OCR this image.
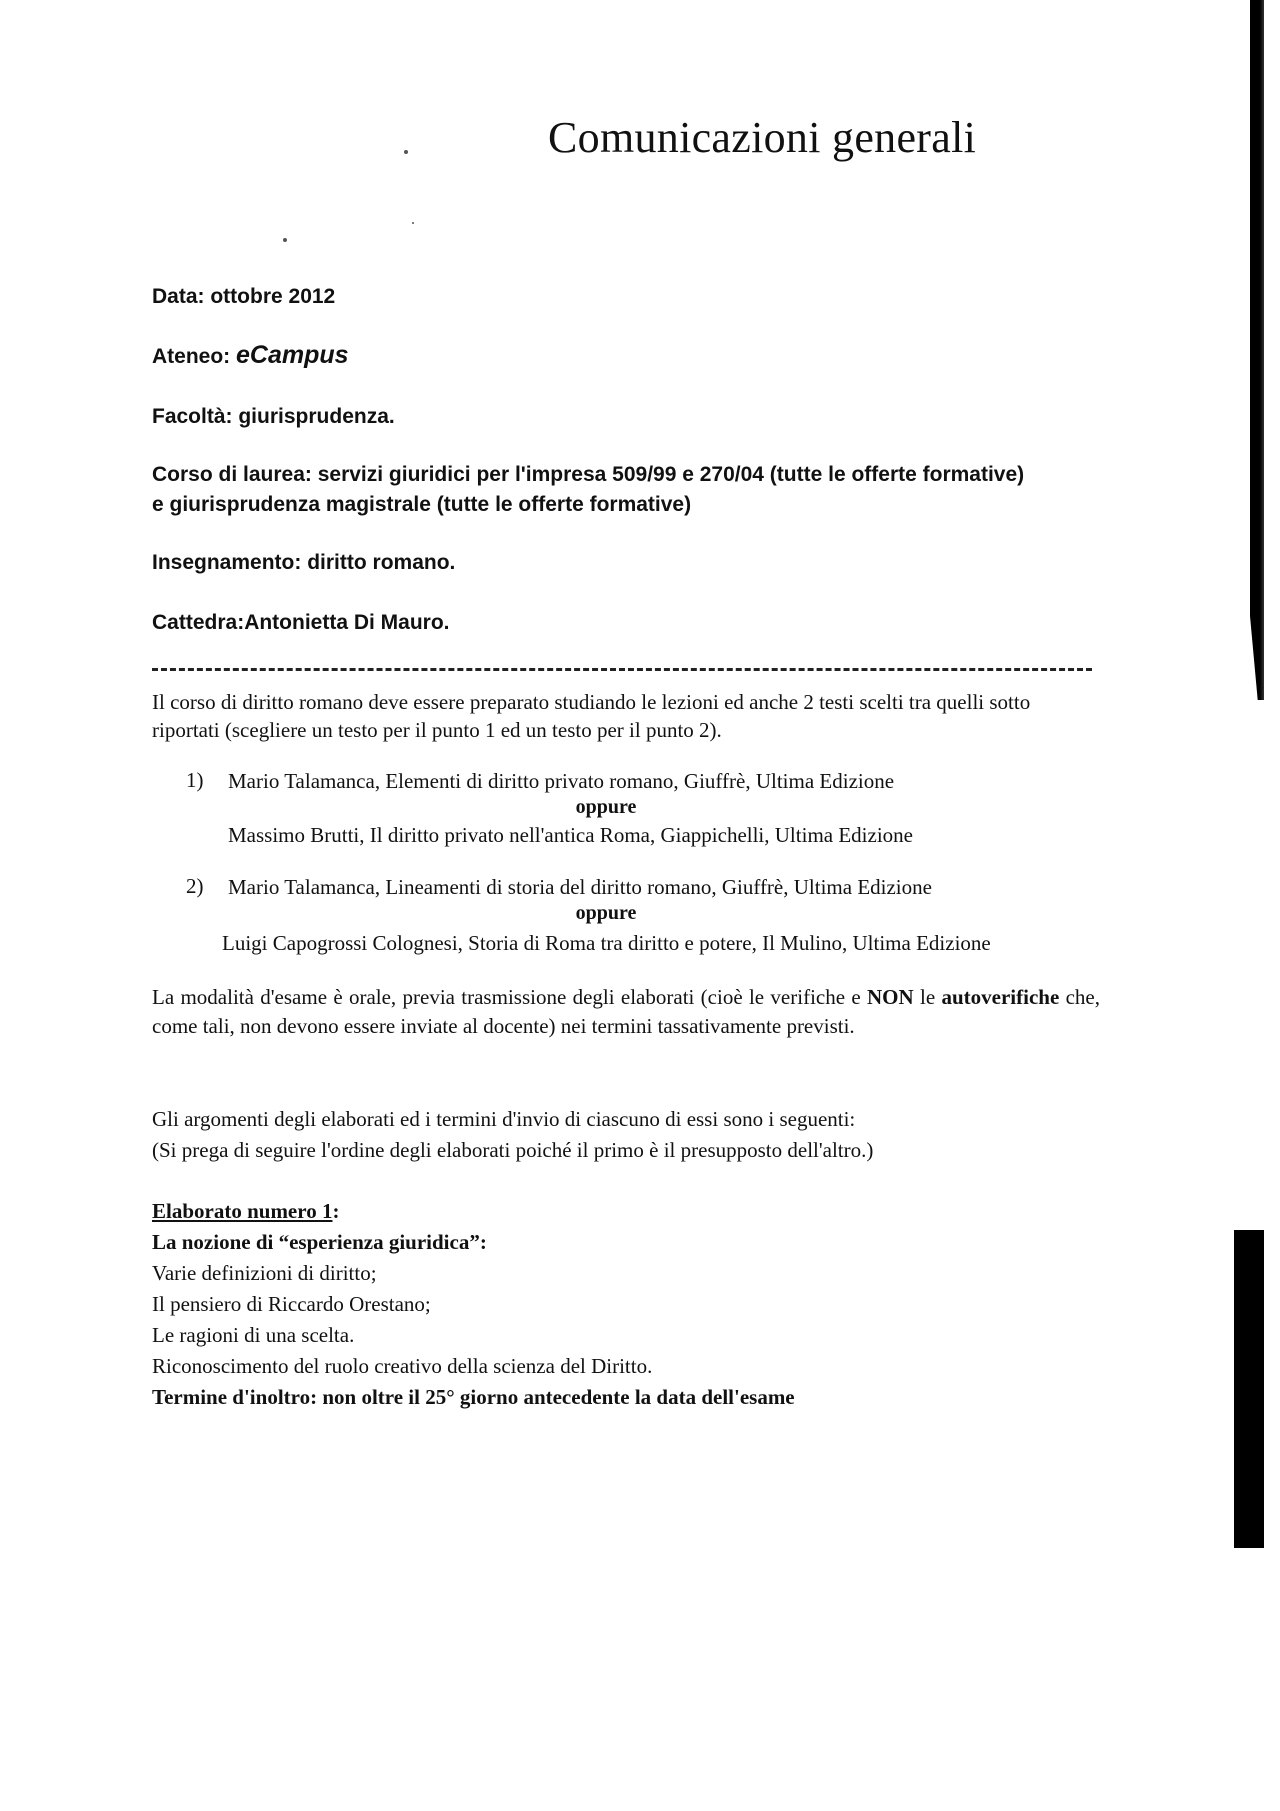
Comunicazioni generali
Data: ottobre 2012
Ateneo: eCampus
Facoltà: giurisprudenza.
Corso di laurea: servizi giuridici per l'impresa 509/99 e 270/04 (tutte le offerte formative) e giurisprudenza magistrale (tutte le offerte formative)
Insegnamento: diritto romano.
Cattedra:Antonietta Di Mauro.
Il corso di diritto romano deve essere preparato studiando le lezioni ed anche 2 testi scelti tra quelli sotto riportati (scegliere un testo per il punto 1 ed un testo per il punto 2).
1) Mario Talamanca, Elementi di diritto privato romano, Giuffrè, Ultima Edizione
oppure
Massimo Brutti, Il diritto privato nell'antica Roma, Giappichelli, Ultima Edizione
2) Mario Talamanca, Lineamenti di storia del diritto romano, Giuffrè, Ultima Edizione
oppure
Luigi Capogrossi Colognesi, Storia di Roma tra diritto e potere, Il Mulino, Ultima Edizione
La modalità d'esame è orale, previa trasmissione degli elaborati (cioè le verifiche e NON le autoverifiche che, come tali, non devono essere inviate al docente) nei termini tassativamente previsti.
Gli argomenti degli elaborati ed i termini d'invio di ciascuno di essi sono i seguenti:
(Si prega di seguire l'ordine degli elaborati poiché il primo è il presupposto dell'altro.)
Elaborato numero 1:
La nozione di “esperienza giuridica”:
Varie definizioni di diritto;
Il pensiero di Riccardo Orestano;
Le ragioni di una scelta.
Riconoscimento del ruolo creativo della scienza del Diritto.
Termine d'inoltro: non oltre il 25° giorno antecedente la data dell'esame
